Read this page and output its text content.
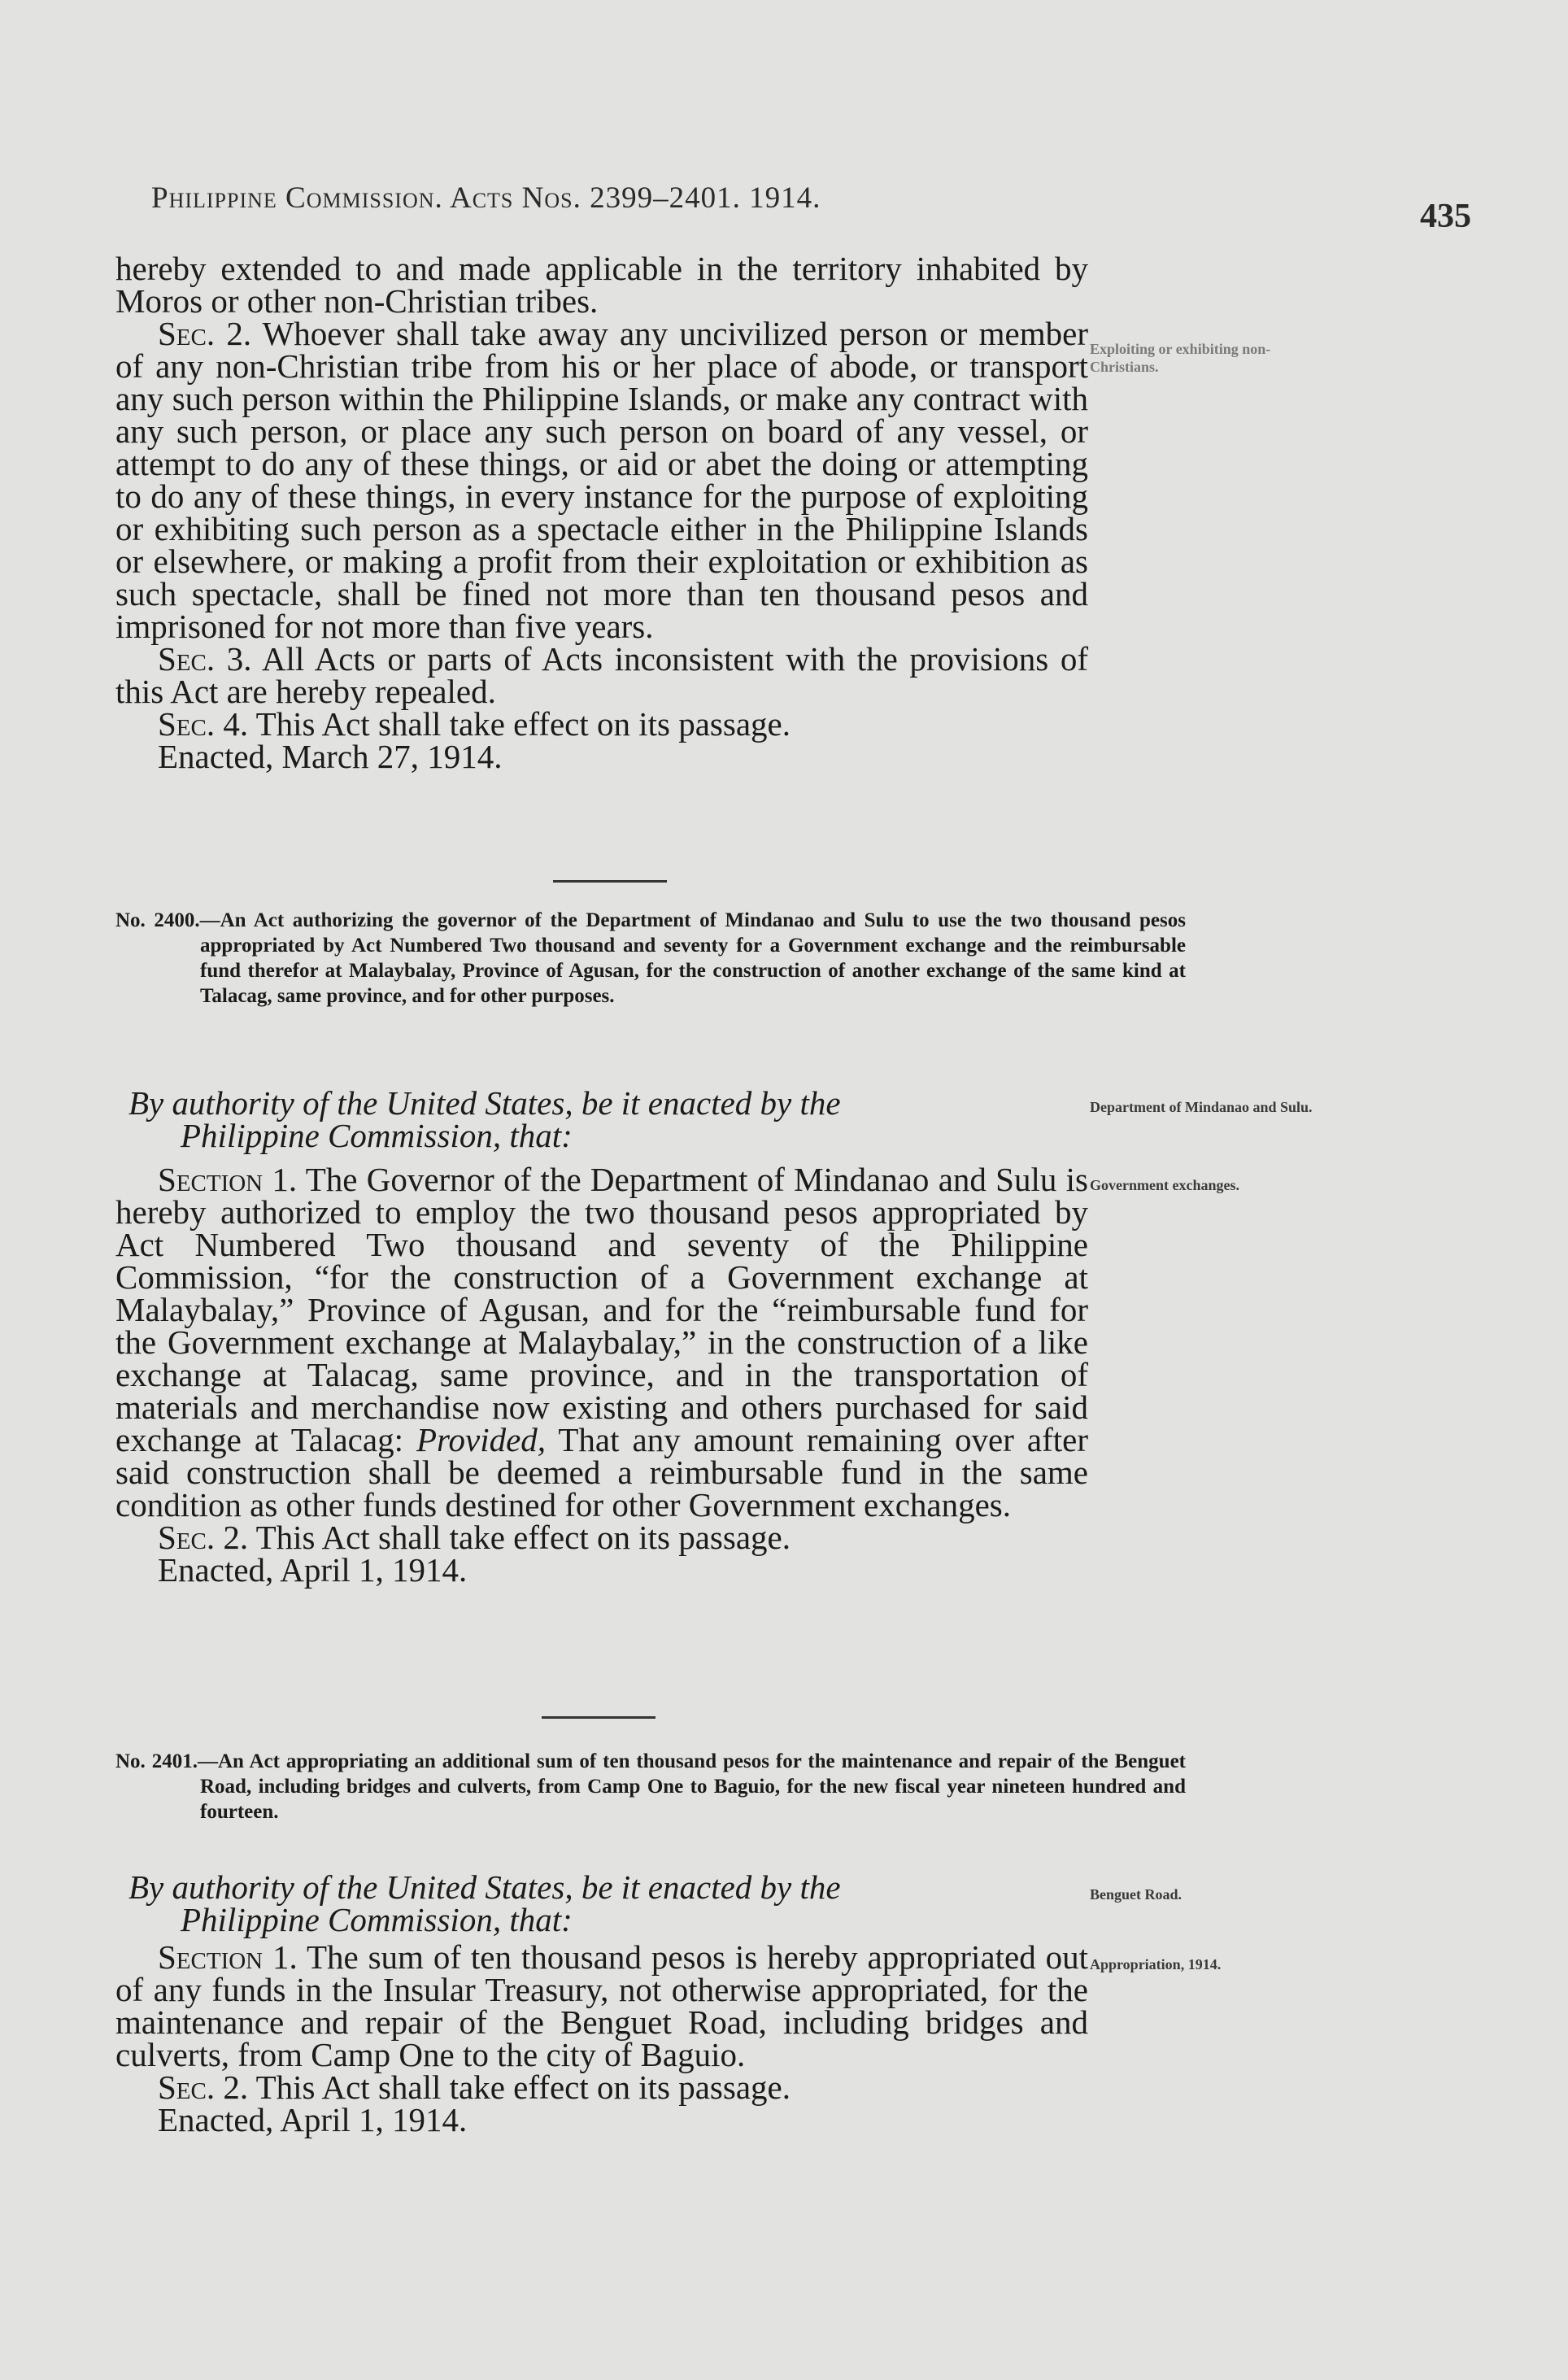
Philippine Commission. Acts Nos. 2399–2401. 1914.	435

hereby extended to and made applicable in the territory inhabited by Moros or other non-Christian tribes.

Sec. 2. Whoever shall take away any uncivilized person or member of any non-Christian tribe from his or her place of abode, or transport any such person within the Philippine Islands, or make any contract with any such person, or place any such person on board of any vessel, or attempt to do any of these things, or aid or abet the doing or attempting to do any of these things, in every instance for the purpose of exploiting or exhibiting such person as a spectacle either in the Philippine Islands or elsewhere, or making a profit from their exploitation or exhibition as such spectacle, shall be fined not more than ten thousand pesos and imprisoned for not more than five years.

Sec. 3. All Acts or parts of Acts inconsistent with the provisions of this Act are hereby repealed.

Sec. 4. This Act shall take effect on its passage.

Enacted, March 27, 1914.

Exploiting or exhibiting non-Christians.
No. 2400.—An Act authorizing the governor of the Department of Mindanao and Sulu to use the two thousand pesos appropriated by Act Numbered Two thousand and seventy for a Government exchange and the reimbursable fund therefor at Malaybalay, Province of Agusan, for the construction of another exchange of the same kind at Talacag, same province, and for other purposes.
By authority of the United States, be it enacted by the
Philippine Commission, that:
Department of Mindanao and Sulu.

Section 1. The Governor of the Department of Mindanao and Sulu is hereby authorized to employ the two thousand pesos appropriated by Act Numbered Two thousand and seventy of the Philippine Commission, “for the construction of a Government exchange at Malaybalay,” Province of Agusan, and for the “reimbursable fund for the Government exchange at Malaybalay,” in the construction of a like exchange at Talacag, same province, and in the transportation of materials and merchandise now existing and others purchased for said exchange at Talacag: Provided, That any amount remaining over after said construction shall be deemed a reimbursable fund in the same condition as other funds destined for other Government exchanges.

Sec. 2. This Act shall take effect on its passage.

Enacted, April 1, 1914.

Government exchanges.
No. 2401.—An Act appropriating an additional sum of ten thousand pesos for the maintenance and repair of the Benguet Road, including bridges and culverts, from Camp One to Baguio, for the new fiscal year nineteen hundred and fourteen.
By authority of the United States, be it enacted by the
Philippine Commission, that:
Benguet Road.

Section 1. The sum of ten thousand pesos is hereby appropriated out of any funds in the Insular Treasury, not otherwise appropriated, for the maintenance and repair of the Benguet Road, including bridges and culverts, from Camp One to the city of Baguio.

Sec. 2. This Act shall take effect on its passage.

Enacted, April 1, 1914.

Appropriation, 1914.
